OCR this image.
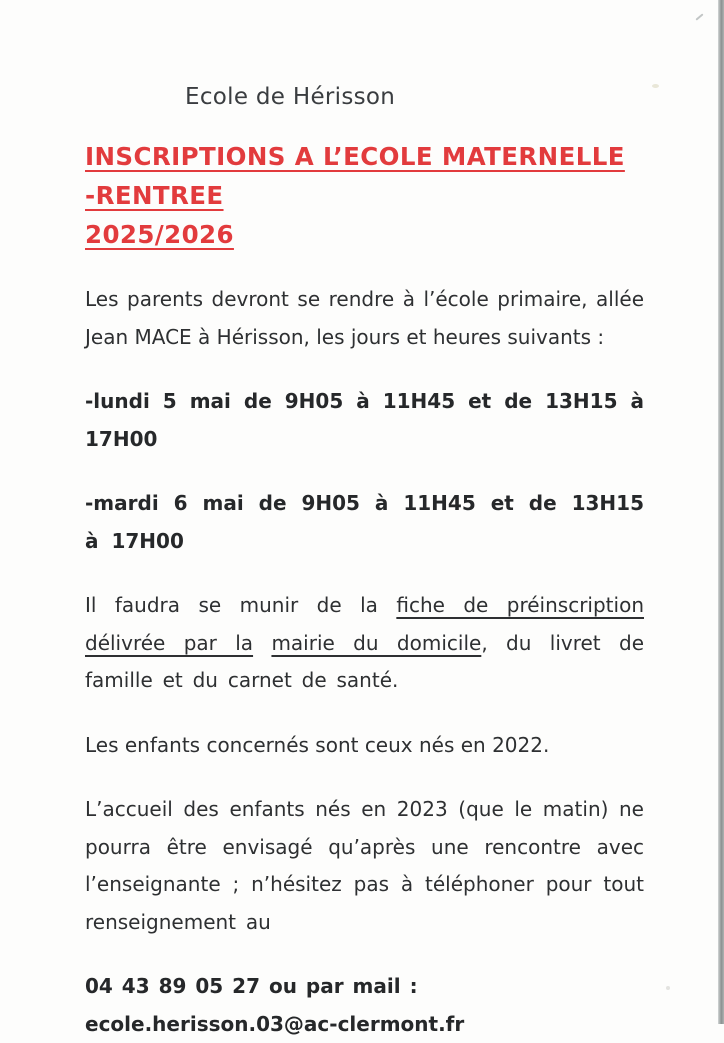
Ecole de Hérisson

INSCRIPTIONS A L’ECOLE MATERNELLE -RENTREE
2025/2026

Les parents devront se rendre à l’école primaire, allée Jean MACE à Hérisson, les jours et heures suivants :

-lundi 5 mai de 9H05 à 11H45 et de 13H15 à 17H00

-mardi 6 mai de 9H05 à 11H45 et de 13H15 à 17H00

Il faudra se munir de la fiche de préinscription délivrée par la mairie du domicile, du livret de famille et du carnet de santé.

Les enfants concernés sont ceux nés en 2022.

L’accueil des enfants nés en 2023 (que le matin) ne pourra être envisagé qu’après une rencontre avec l’enseignante ; n’hésitez pas à téléphoner pour tout renseignement au

04 43 89 05 27 ou par mail : ecole.herisson.03@ac-clermont.fr
